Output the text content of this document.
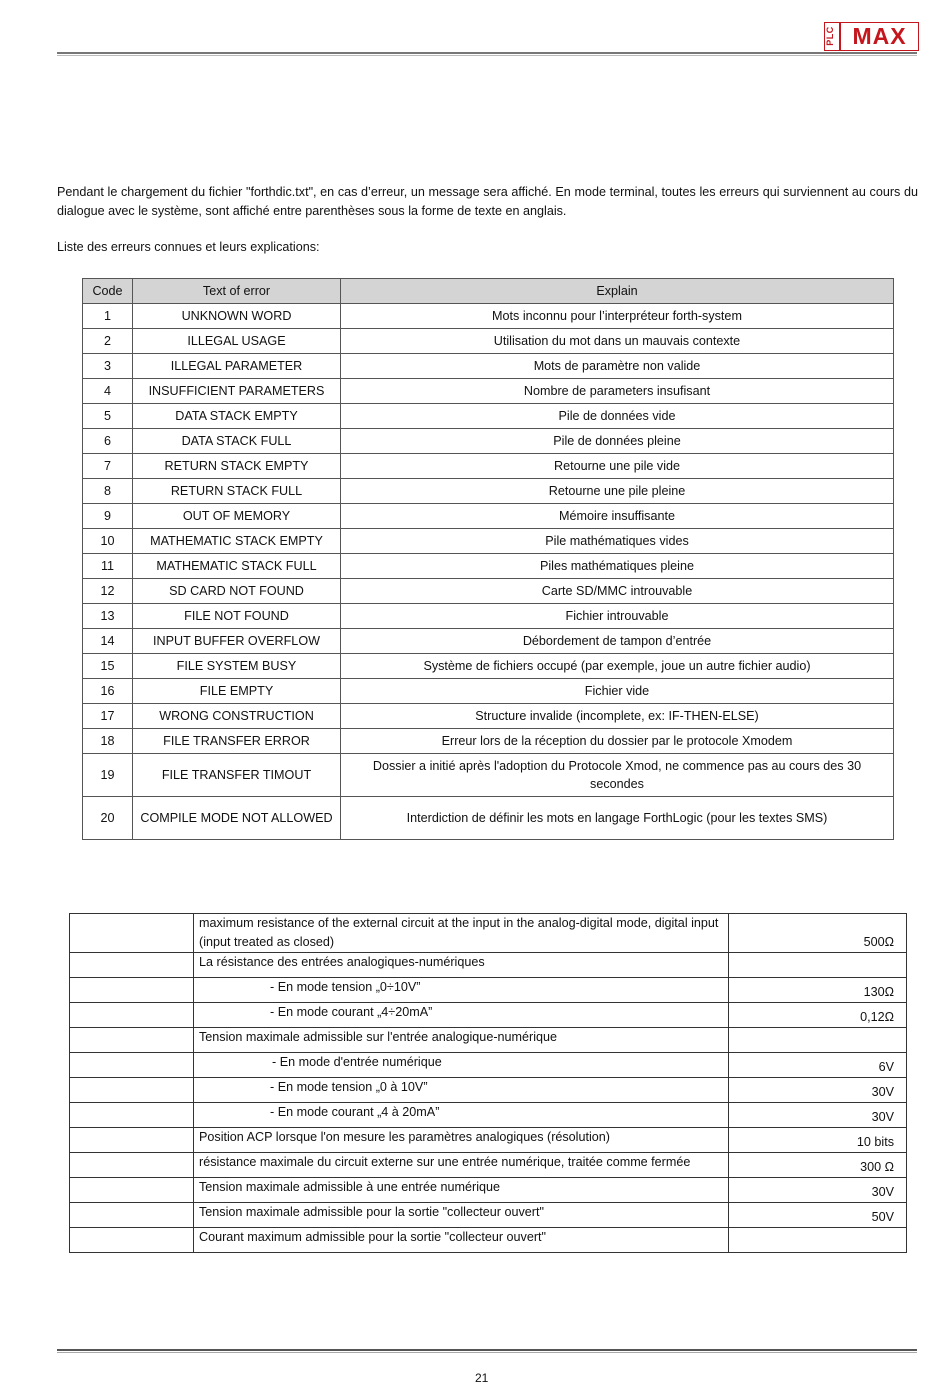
PLC MAX

Pendant le chargement du fichier "forthdic.txt", en cas d’erreur, un message sera affiché. En mode terminal, toutes les erreurs qui surviennent au cours du dialogue avec le système, sont affiché entre parenthèses sous la forme de texte en anglais.

Liste des erreurs connues et leurs explications:
Code	Text of error	Explain
1	UNKNOWN WORD	Mots inconnu pour l’interpréteur forth-system
2	ILLEGAL USAGE	Utilisation du mot dans un mauvais contexte
3	ILLEGAL PARAMETER	Mots de paramètre non valide
4	INSUFFICIENT PARAMETERS	Nombre de parameters insufisant
5	DATA STACK EMPTY	Pile de données vide
6	DATA STACK FULL	Pile de données pleine
7	RETURN STACK EMPTY	Retourne une pile vide
8	RETURN STACK FULL	Retourne une pile pleine
9	OUT OF MEMORY	Mémoire insuffisante
10	MATHEMATIC STACK EMPTY	Pile mathématiques vides
11	MATHEMATIC STACK FULL	Piles mathématiques pleine
12	SD CARD NOT FOUND	Carte SD/MMC introuvable
13	FILE NOT FOUND	Fichier introuvable
14	INPUT BUFFER OVERFLOW	Débordement de tampon d’entrée
15	FILE SYSTEM BUSY	Système de fichiers occupé (par exemple, joue un autre fichier audio)
16	FILE EMPTY	Fichier vide
17	WRONG CONSTRUCTION	Structure invalide (incomplete, ex: IF-THEN-ELSE)
18	FILE TRANSFER ERROR	Erreur lors de la réception du dossier par le protocole Xmodem
19	FILE TRANSFER TIMOUT	Dossier a initié après l'adoption du Protocole Xmod, ne commence pas au cours des 30 secondes
20	COMPILE MODE NOT ALLOWED	Interdiction de définir les mots en langage ForthLogic (pour les textes SMS)
	maximum resistance of the external circuit at the input in the analog-digital mode, digital input (input treated as closed)	500Ω
	La résistance des entrées analogiques-numériques	
	- En mode tension „0÷10V”	130Ω
	- En mode courant „4÷20mA”	0,12Ω
	Tension maximale admissible sur l'entrée analogique-numérique	
	- En mode d'entrée numérique	6V
	- En mode tension „0 à 10V”	30V
	- En mode courant „4 à 20mA”	30V
	Position ACP lorsque l'on mesure les paramètres analogiques (résolution)	10 bits
	résistance maximale du circuit externe sur une entrée numérique, traitée comme fermée	300 Ω
	Tension maximale admissible à une entrée numérique	30V
	Tension maximale admissible pour la sortie "collecteur ouvert"	50V
	Courant maximum admissible pour la sortie "collecteur ouvert"	
21
